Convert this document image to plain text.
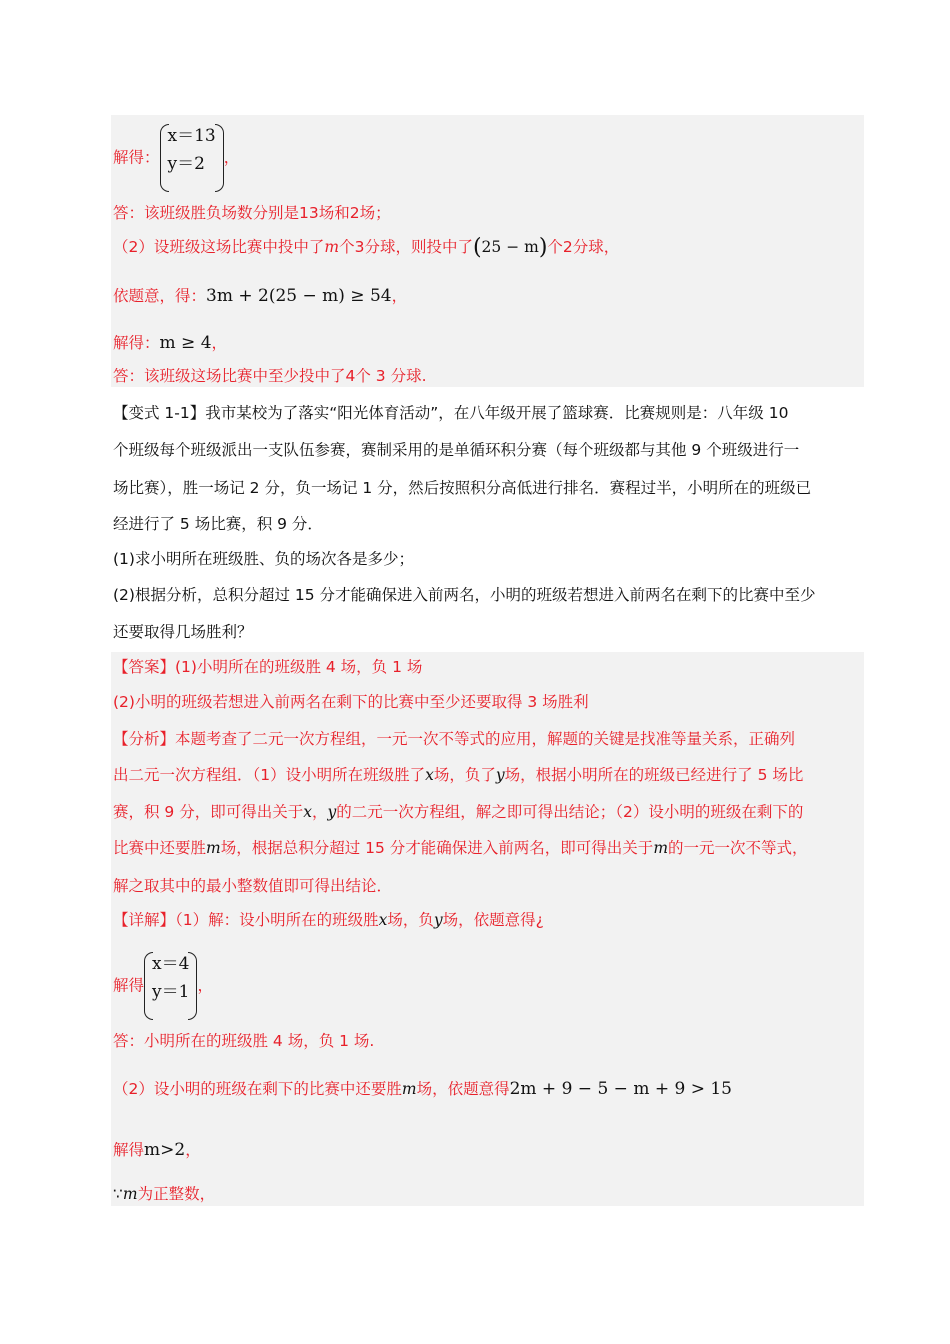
解得：
x＝13
y＝2	，
答：该班级胜负场数分别是13场和2场；
（2）设班级这场比赛中投中了m个3分球，则投中了(25 − m)个2分球，
依题意，得：3m + 2(25 − m) ≥ 54，
解得：m ≥ 4，
答：该班级这场比赛中至少投中了4个 3 分球.
【变式 1-1】我市某校为了落实“阳光体育活动”，在八年级开展了篮球赛．比赛规则是：八年级 10
个班级每个班级派出一支队伍参赛，赛制采用的是单循环积分赛（每个班级都与其他 9 个班级进行一
场比赛），胜一场记 2 分，负一场记 1 分，然后按照积分高低进行排名．赛程过半，小明所在的班级已
经进行了 5 场比赛，积 9 分．
(1)求小明所在班级胜、负的场次各是多少；
(2)根据分析，总积分超过 15 分才能确保进入前两名，小明的班级若想进入前两名在剩下的比赛中至少
还要取得几场胜利？
【答案】(1)小明所在的班级胜 4 场，负 1 场
(2)小明的班级若想进入前两名在剩下的比赛中至少还要取得 3 场胜利
【分析】本题考查了二元一次方程组，一元一次不等式的应用，解题的关键是找准等量关系，正确列
出二元一次方程组．（1）设小明所在班级胜了x场，负了y场，根据小明所在的班级已经进行了 5 场比
赛，积 9 分，即可得出关于x，y的二元一次方程组，解之即可得出结论；（2）设小明的班级在剩下的
比赛中还要胜m场，根据总积分超过 15 分才能确保进入前两名，即可得出关于m的一元一次不等式，
解之取其中的最小整数值即可得出结论．
【详解】（1）解：设小明所在的班级胜x场，负y场，依题意得¿
解得
x＝4
y＝1 ，
答：小明所在的班级胜 4 场，负 1 场.
（2）设小明的班级在剩下的比赛中还要胜m场，依题意得2m + 9 − 5 − m + 9 > 15
解得m>2，
∵m为正整数，
